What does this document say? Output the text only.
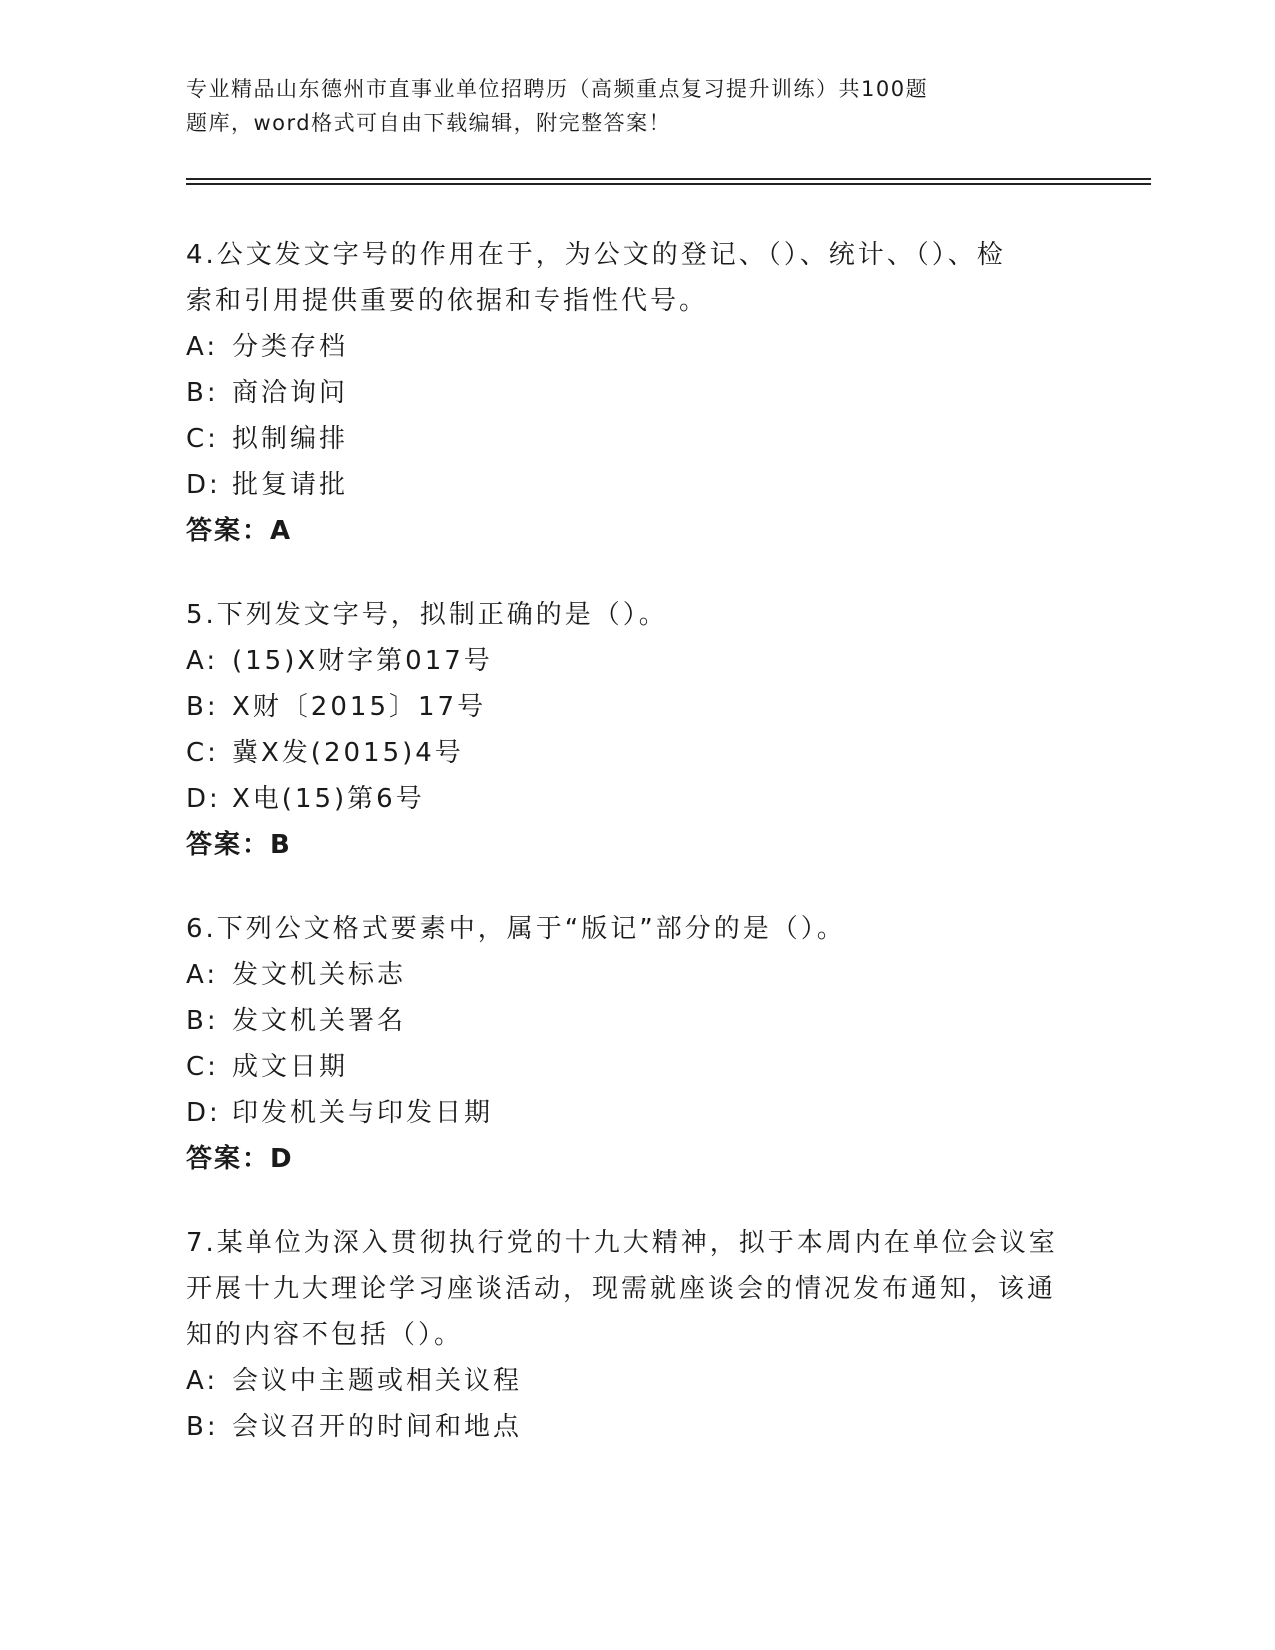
专业精品山东德州市直事业单位招聘历（高频重点复习提升训练）共100题
题库，word格式可自由下载编辑，附完整答案！
4.公文发文字号的作用在于，为公文的登记、（）、统计、（）、检
索和引用提供重要的依据和专指性代号。
A: 分类存档
B: 商洽询问
C: 拟制编排
D: 批复请批
答案：A
5.下列发文字号，拟制正确的是（）。
A: (15)X财字第017号
B: X财〔2015〕17号
C: 冀X发(2015)4号
D: X电(15)第6号
答案：B
6.下列公文格式要素中，属于“版记”部分的是（）。
A: 发文机关标志
B: 发文机关署名
C: 成文日期
D: 印发机关与印发日期
答案：D
7.某单位为深入贯彻执行党的十九大精神，拟于本周内在单位会议室
开展十九大理论学习座谈活动，现需就座谈会的情况发布通知，该通
知的内容不包括（）。
A: 会议中主题或相关议程
B: 会议召开的时间和地点
